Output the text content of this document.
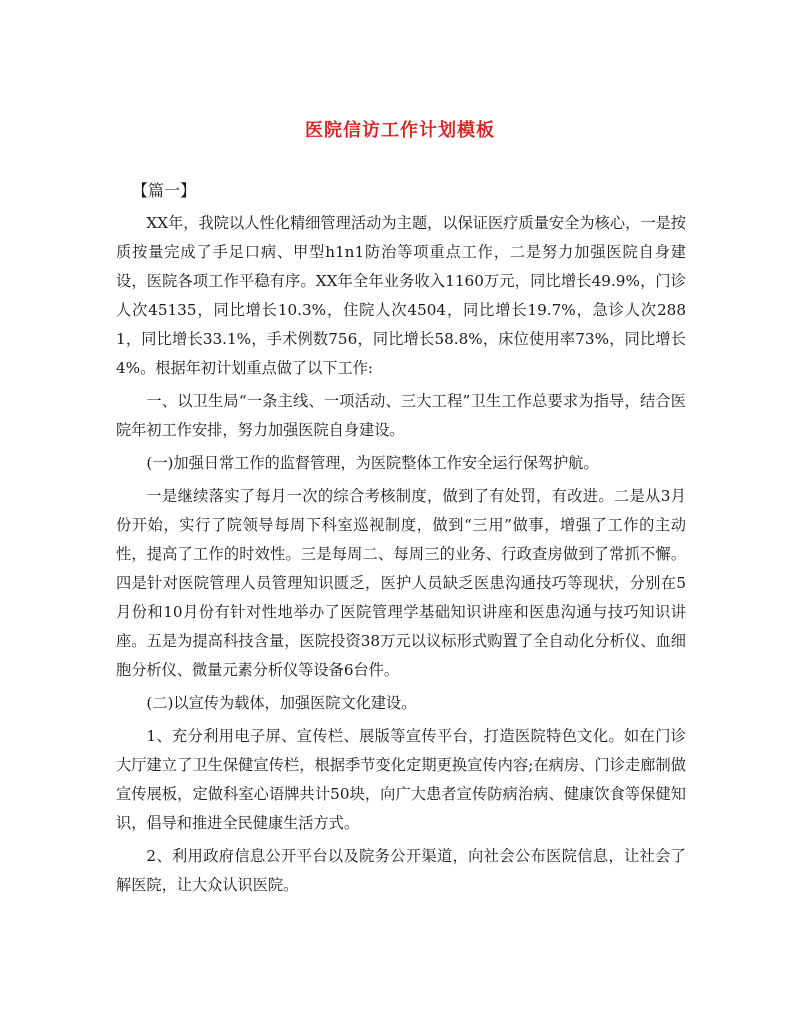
医院信访工作计划模板
【篇一】

XX年，我院以人性化精细管理活动为主题，以保证医疗质量安全为核心，一是按质按量完成了手足口病、甲型h1n1防治等项重点工作，二是努力加强医院自身建设，医院各项工作平稳有序。XX年全年业务收入1160万元，同比增长49.9%，门诊人次45135，同比增长10.3%，住院人次4504，同比增长19.7%，急诊人次2881，同比增长33.1%，手术例数756，同比增长58.8%，床位使用率73%，同比增长4%。根据年初计划重点做了以下工作:

一、以卫生局“一条主线、一项活动、三大工程”卫生工作总要求为指导，结合医院年初工作安排，努力加强医院自身建设。

(一)加强日常工作的监督管理，为医院整体工作安全运行保驾护航。

一是继续落实了每月一次的综合考核制度，做到了有处罚，有改进。二是从3月份开始，实行了院领导每周下科室巡视制度，做到“三用”做事，增强了工作的主动性，提高了工作的时效性。三是每周二、每周三的业务、行政查房做到了常抓不懈。四是针对医院管理人员管理知识匮乏，医护人员缺乏医患沟通技巧等现状，分别在5月份和10月份有针对性地举办了医院管理学基础知识讲座和医患沟通与技巧知识讲座。五是为提高科技含量，医院投资38万元以议标形式购置了全自动化分析仪、血细胞分析仪、微量元素分析仪等设备6台件。

(二)以宣传为载体，加强医院文化建设。

1、充分利用电子屏、宣传栏、展版等宣传平台，打造医院特色文化。如在门诊大厅建立了卫生保健宣传栏，根据季节变化定期更换宣传内容;在病房、门诊走廊制做宣传展板，定做科室心语牌共计50块，向广大患者宣传防病治病、健康饮食等保健知识，倡导和推进全民健康生活方式。

2、利用政府信息公开平台以及院务公开渠道，向社会公布医院信息，让社会了解医院，让大众认识医院。
